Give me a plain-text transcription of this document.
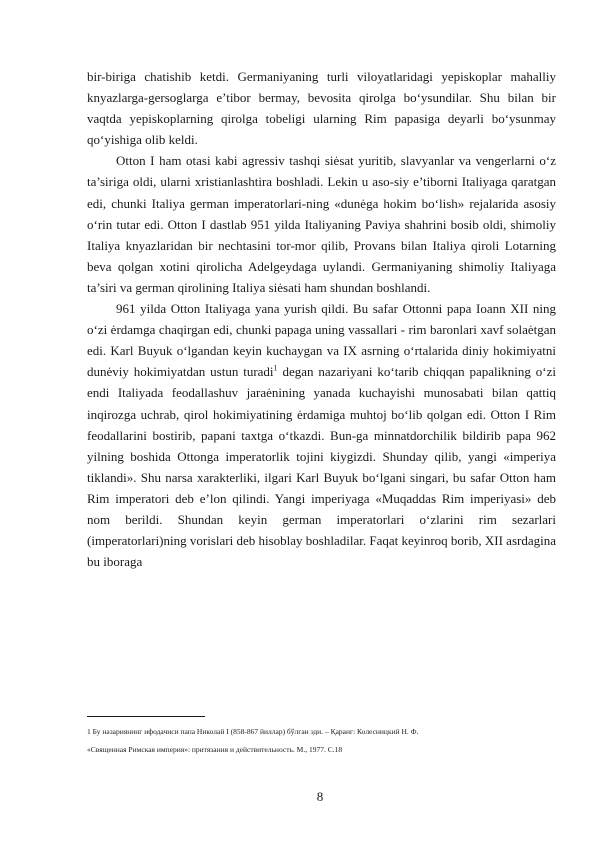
bir-biriga chatishib ketdi. Germaniyaning turli viloyatlaridagi yepiskoplar mahalliy knyazlarga-gersoglarga e’tibor bermay, bevosita qirolga bo‘ysundilar. Shu bilan bir vaqtda yepiskoplarning qirolga tobeligi ularning Rim papasiga deyarli bo‘ysunmay qo‘yishiga olib keldi.

Otton I ham otasi kabi agressiv tashqi siėsat yuritib, slavyanlar va vengerlarni o‘z ta’siriga oldi, ularni xristianlashtira boshladi. Lekin u aso-siy e’tiborni Italiyaga qaratgan edi, chunki Italiya german imperatorlari-ning «dunėga hokim bo‘lish» rejalarida asosiy o‘rin tutar edi. Otton I dastlab 951 yilda Italiyaning Paviya shahrini bosib oldi, shimoliy Italiya knyazlaridan bir nechtasini tor-mor qilib, Provans bilan Italiya qiroli Lotarning beva qolgan xotini qirolicha Adelgeydaga uylandi. Germaniyaning shimoliy Italiyaga ta’siri va german qirolining Italiya siėsati ham shundan boshlandi.

961 yilda Otton Italiyaga yana yurish qildi. Bu safar Ottonni papa Ioann XII ning o‘zi ėrdamga chaqirgan edi, chunki papaga uning vassallari - rim baronlari xavf solaėtgan edi. Karl Buyuk o‘lgandan keyin kuchaygan va IX asrning o‘rtalarida diniy hokimiyatni dunėviy hokimiyatdan ustun turadi$^1$ degan nazariyani ko‘tarib chiqqan papalikning o‘zi endi Italiyada feodallashuv jaraėnining yanada kuchayishi munosabati bilan qattiq inqirozga uchrab, qirol hokimiyatining ėrdamiga muhtoj bo‘lib qolgan edi. Otton I Rim feodallarini bostirib, papani taxtga o‘tkazdi. Bun-ga minnatdorchilik bildirib papa 962 yilning boshida Ottonga imperatorlik tojini kiygizdi. Shunday qilib, yangi «imperiya tiklandi». Shu narsa xarakterliki, ilgari Karl Buyuk bo‘lgani singari, bu safar Otton ham Rim imperatori deb e’lon qilindi. Yangi imperiyaga «Muqaddas Rim imperiyasi» deb nom berildi. Shundan keyin german imperatorlari o‘zlarini rim sezarlari (imperatorlari)ning vorislari deb hisoblay boshladilar. Faqat keyinroq borib, XII asrdagina bu iboraga

1 Бу назариянинг ифодачиси папа Николай I (858-867 йиллар) бўлган эди. – Қаранг: Колесницкий Н. Ф.

«Священная Римская империя»: притязания и действительность. М., 1977. С.18

8
